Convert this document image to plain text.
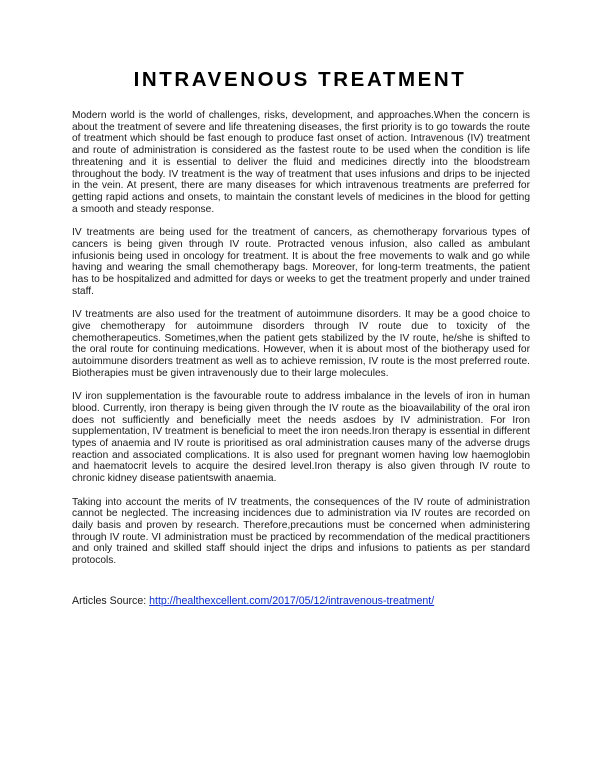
INTRAVENOUS TREATMENT

Modern world is the world of challenges, risks, development, and approaches.When the concern is about the treatment of severe and life threatening diseases, the first priority is to go towards the route of treatment which should be fast enough to produce fast onset of action. Intravenous (IV) treatment and route of administration is considered as the fastest route to be used when the condition is life threatening and it is essential to deliver the fluid and medicines directly into the bloodstream throughout the body. IV treatment is the way of treatment that uses infusions and drips to be injected in the vein. At present, there are many diseases for which intravenous treatments are preferred for getting rapid actions and onsets, to maintain the constant levels of medicines in the blood for getting a smooth and steady response.

IV treatments are being used for the treatment of cancers, as chemotherapy forvarious types of cancers is being given through IV route. Protracted venous infusion, also called as ambulant infusionis being used in oncology for treatment. It is about the free movements to walk and go while having and wearing the small chemotherapy bags. Moreover, for long-term treatments, the patient has to be hospitalized and admitted for days or weeks to get the treatment properly and under trained staff.

IV treatments are also used for the treatment of autoimmune disorders. It may be a good choice to give chemotherapy for autoimmune disorders through IV route due to toxicity of the chemotherapeutics. Sometimes,when the patient gets stabilized by the IV route, he/she is shifted to the oral route for continuing medications. However, when it is about most of the biotherapy used for autoimmune disorders treatment as well as to achieve remission, IV route is the most preferred route. Biotherapies must be given intravenously due to their large molecules.

IV iron supplementation is the favourable route to address imbalance in the levels of iron in human blood. Currently, iron therapy is being given through the IV route as the bioavailability of the oral iron does not sufficiently and beneficially meet the needs asdoes by IV administration. For Iron supplementation, IV treatment is beneficial to meet the iron needs.Iron therapy is essential in different types of anaemia and IV route is prioritised as oral administration causes many of the adverse drugs reaction and associated complications. It is also used for pregnant women having low haemoglobin and haematocrit levels to acquire the desired level.Iron therapy is also given through IV route to chronic kidney disease patientswith anaemia.

Taking into account the merits of IV treatments, the consequences of the IV route of administration cannot be neglected. The increasing incidences due to administration via IV routes are recorded on daily basis and proven by research. Therefore,precautions must be concerned when administering through IV route. VI administration must be practiced by recommendation of the medical practitioners and only trained and skilled staff should inject the drips and infusions to patients as per standard protocols.

Articles Source: http://healthexcellent.com/2017/05/12/intravenous-treatment/
